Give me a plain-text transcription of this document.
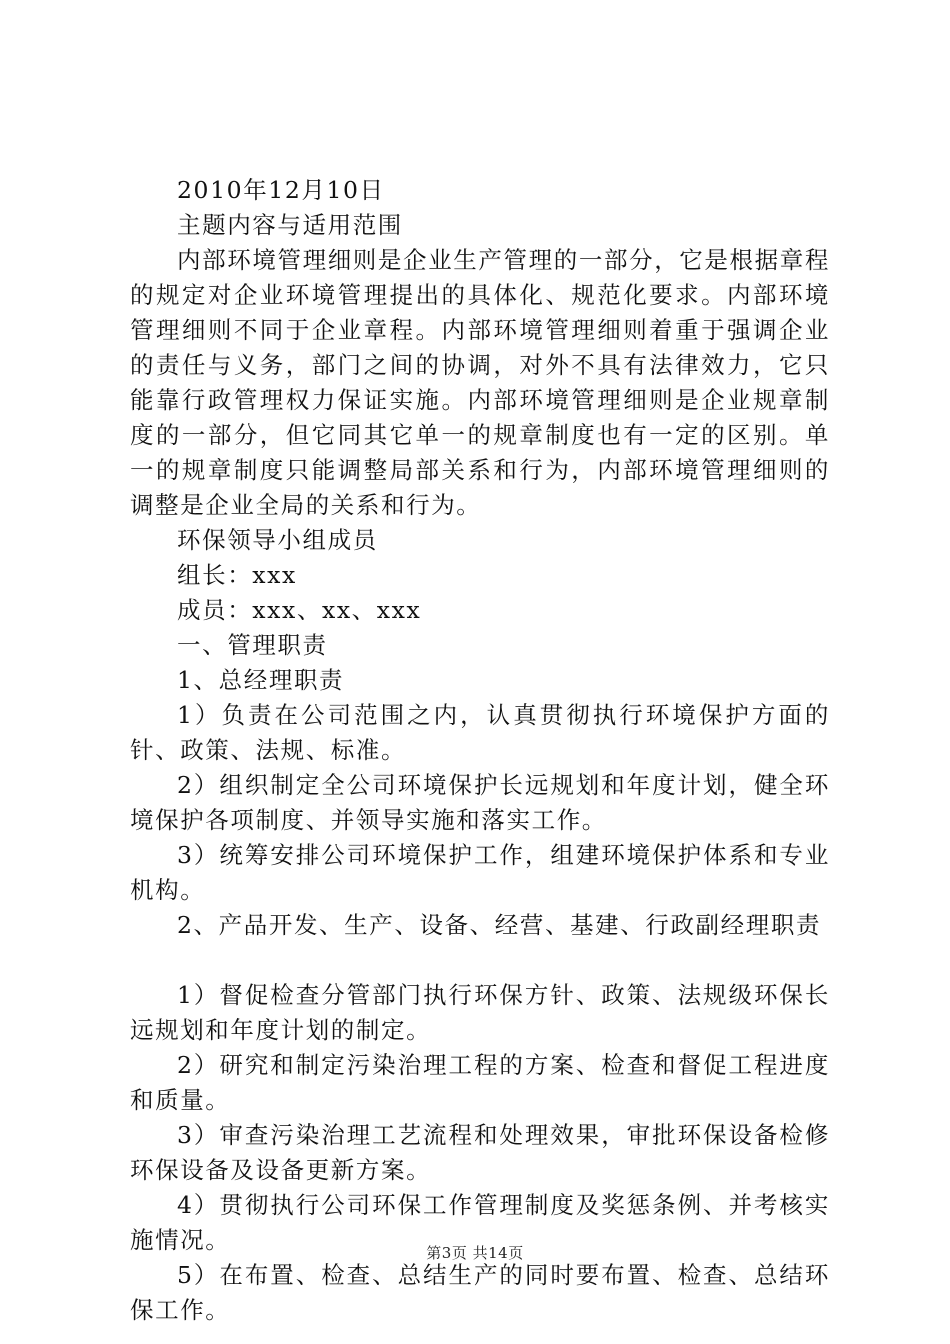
2010年12月10日

主题内容与适用范围

内部环境管理细则是企业生产管理的一部分，它是根据章程的规定对企业环境管理提出的具体化、规范化要求。内部环境管理细则不同于企业章程。内部环境管理细则着重于强调企业的责任与义务，部门之间的协调，对外不具有法律效力，它只能靠行政管理权力保证实施。内部环境管理细则是企业规章制度的一部分，但它同其它单一的规章制度也有一定的区别。单一的规章制度只能调整局部关系和行为，内部环境管理细则的调整是企业全局的关系和行为。

环保领导小组成员

组长：xxx

成员：xxx、xx、xxx

一、管理职责

1、总经理职责

1）负责在公司范围之内，认真贯彻执行环境保护方面的针、政策、法规、标准。

2）组织制定全公司环境保护长远规划和年度计划，健全环境保护各项制度、并领导实施和落实工作。

3）统筹安排公司环境保护工作，组建环境保护体系和专业机构。

2、产品开发、生产、设备、经营、基建、行政副经理职责

1）督促检查分管部门执行环保方针、政策、法规级环保长远规划和年度计划的制定。

2）研究和制定污染治理工程的方案、检查和督促工程进度和质量。

3）审查污染治理工艺流程和处理效果，审批环保设备检修环保设备及设备更新方案。

4）贯彻执行公司环保工作管理制度及奖惩条例、并考核实施情况。

5）在布置、检查、总结生产的同时要布置、检查、总结环保工作。

第3页 共14页
